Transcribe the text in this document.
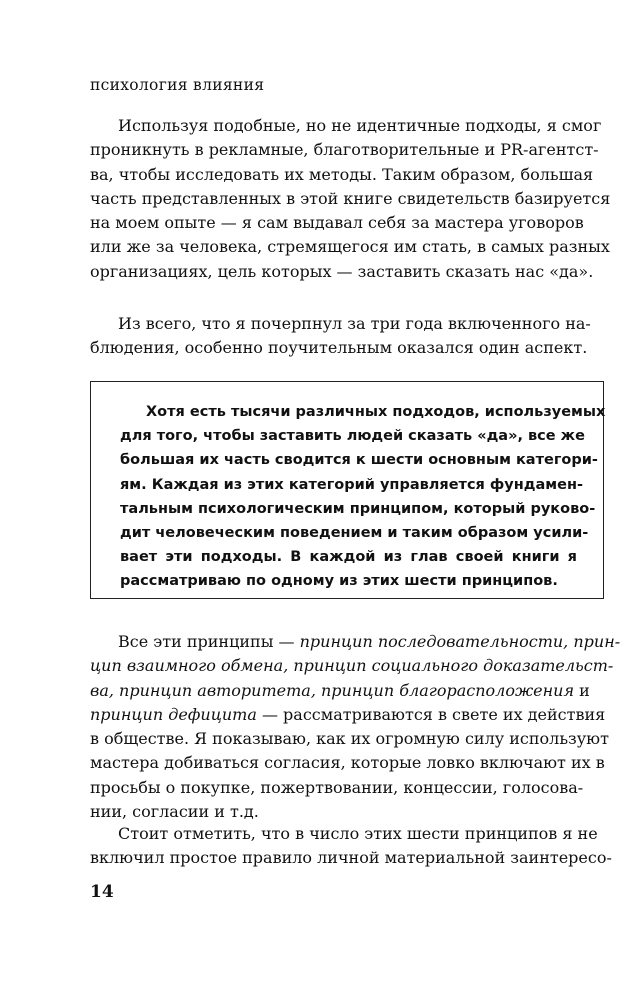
психология влияния
Используя подобные, но не идентичные подходы, я смог
проникнуть в рекламные, благотворительные и PR-агентст-
ва, чтобы исследовать их методы. Таким образом, большая
часть представленных в этой книге свидетельств базируется
на моем опыте — я сам выдавал себя за мастера уговоров
или же за человека, стремящегося им стать, в самых разных
организациях, цель которых — заставить сказать нас «да».
Из всего, что я почерпнул за три года включенного на-
блюдения, особенно поучительным оказался один аспект.
Хотя есть тысячи различных подходов, используемых
для того, чтобы заставить людей сказать «да», все же
большая их часть сводится к шести основным категори-
ям. Каждая из этих категорий управляется фундамен-
тальным психологическим принципом, который руково-
дит человеческим поведением и таким образом усили-
вает эти подходы. В каждой из глав своей книги я
рассматриваю по одному из этих шести принципов.
Все эти принципы — принцип последовательности, прин-
цип взаимного обмена, принцип социального доказательст-
ва, принцип авторитета, принцип благорасположения и
принцип дефицита — рассматриваются в свете их действия
в обществе. Я показываю, как их огромную силу используют
мастера добиваться согласия, которые ловко включают их в
просьбы о покупке, пожертвовании, концессии, голосова-
нии, согласии и т.д.
Стоит отметить, что в число этих шести принципов я не
включил простое правило личной материальной заинтересо-
14
